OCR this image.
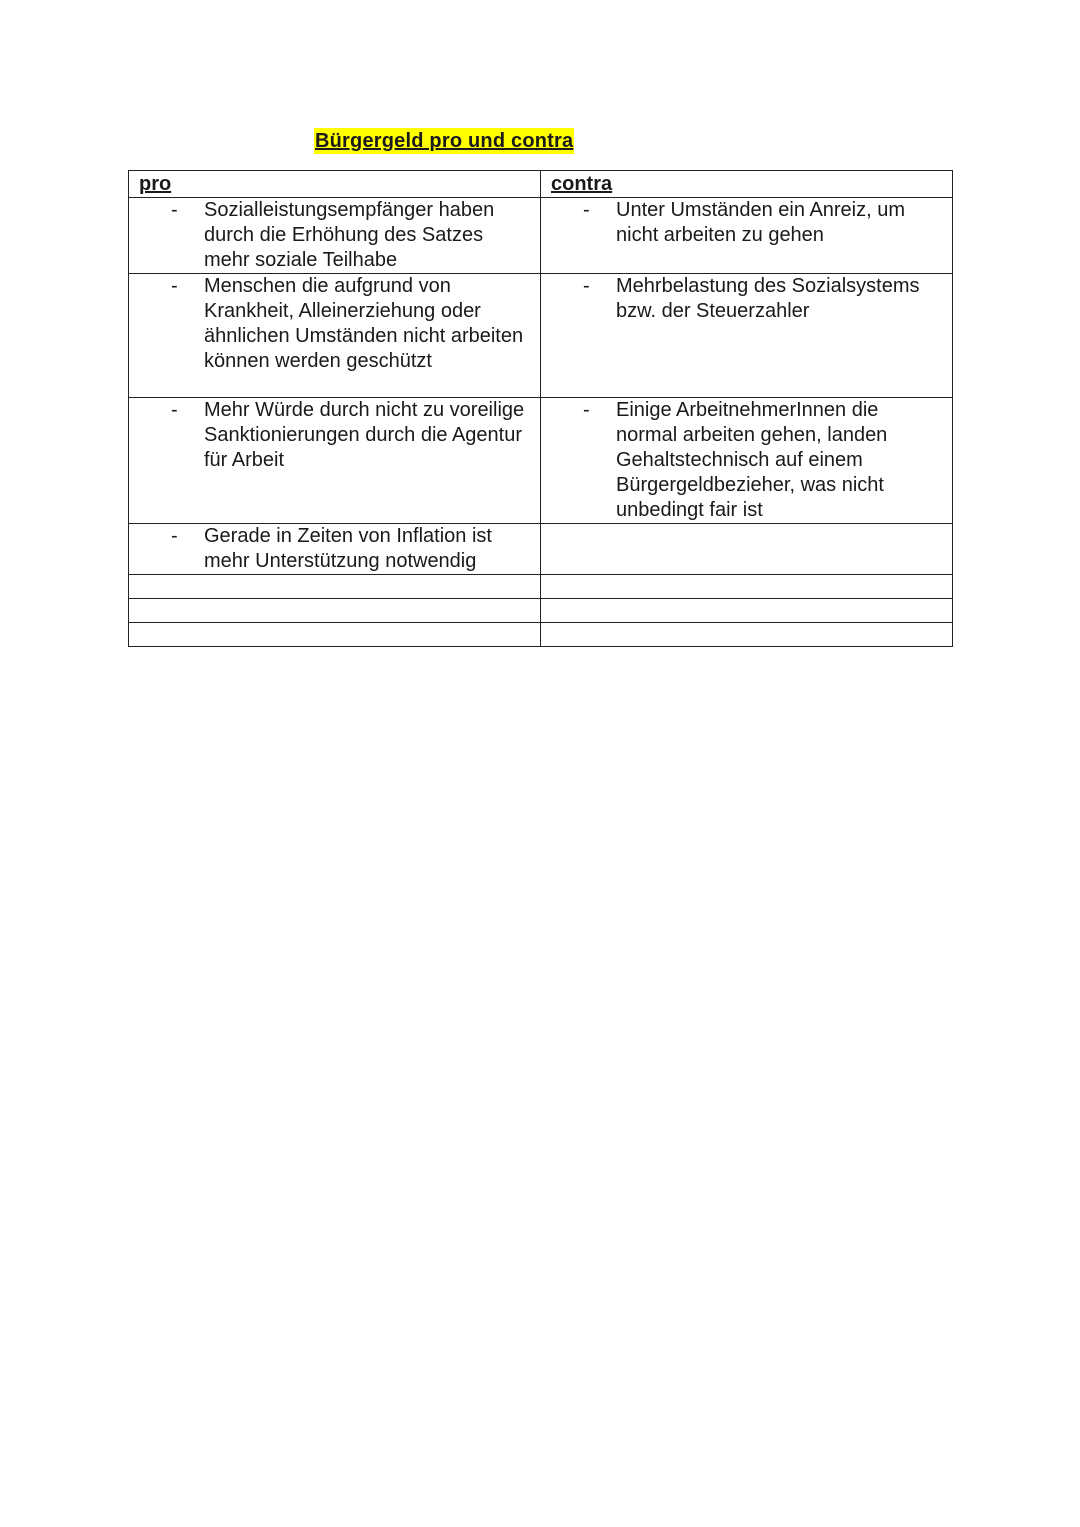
Bürgergeld pro und contra
pro	contra

- Sozialleistungsempfänger haben durch die Erhöhung des Satzes mehr soziale Teilhabe	- Unter Umständen ein Anreiz, um nicht arbeiten zu gehen

- Menschen die aufgrund von Krankheit, Alleinerziehung oder ähnlichen Umständen nicht arbeiten können werden geschützt	- Mehrbelastung des Sozialsystems bzw. der Steuerzahler

- Mehr Würde durch nicht zu voreilige Sanktionierungen durch die Agentur für Arbeit	- Einige ArbeitnehmerInnen die normal arbeiten gehen, landen Gehaltstechnisch auf einem Bürgergeldbezieher, was nicht unbedingt fair ist

- Gerade in Zeiten von Inflation ist mehr Unterstützung notwendig	
